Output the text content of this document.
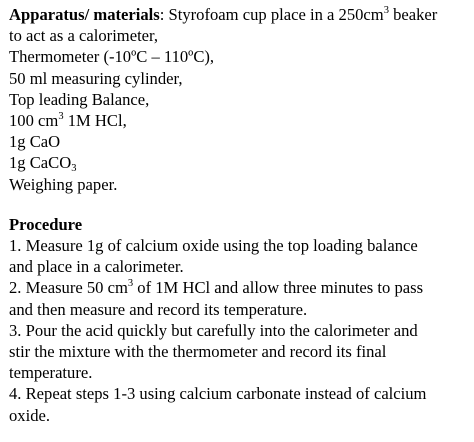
Apparatus/ materials: Styrofoam cup place in a $250cm^3$ beaker
to act as a calorimeter,
Thermometer (-10ºC – 110ºC),
50 ml measuring cylinder,
Top leading Balance,
100 $cm^3$ 1M HCl,
1g CaO
1g CaCO$_3$
Weighing paper.
Procedure
1. Measure 1g of calcium oxide using the top loading balance
and place in a calorimeter.
2. Measure 50 $cm^3$ of 1M HCl and allow three minutes to pass
and then measure and record its temperature.
3. Pour the acid quickly but carefully into the calorimeter and
stir the mixture with the thermometer and record its final
temperature.
4. Repeat steps 1-3 using calcium carbonate instead of calcium
oxide.
